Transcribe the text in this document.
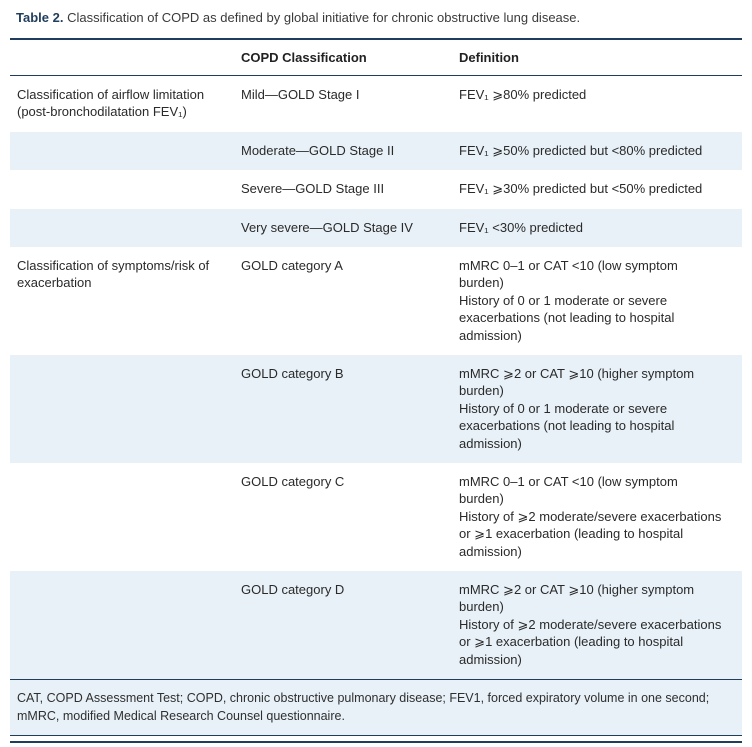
Table 2. Classification of COPD as defined by global initiative for chronic obstructive lung disease.
	COPD Classification	Definition
Classification of airflow limitation (post-bronchodilatation FEV₁)	Mild—GOLD Stage I	FEV₁ ⩾80% predicted

	Moderate—GOLD Stage II	FEV₁ ⩾50% predicted but <80% predicted

	Severe—GOLD Stage III	FEV₁ ⩾30% predicted but <50% predicted

	Very severe—GOLD Stage IV	FEV₁ <30% predicted

Classification of symptoms/risk of exacerbation	GOLD category A	mMRC 0–1 or CAT <10 (low symptom burden)
History of 0 or 1 moderate or severe exacerbations (not leading to hospital admission)

	GOLD category B	mMRC ⩾2 or CAT ⩾10 (higher symptom burden)
History of 0 or 1 moderate or severe exacerbations (not leading to hospital admission)

	GOLD category C	mMRC 0–1 or CAT <10 (low symptom burden)
History of ⩾2 moderate/severe exacerbations or ⩾1 exacerbation (leading to hospital admission)

	GOLD category D	mMRC ⩾2 or CAT ⩾10 (higher symptom burden)
History of ⩾2 moderate/severe exacerbations or ⩾1 exacerbation (leading to hospital admission)
CAT, COPD Assessment Test; COPD, chronic obstructive pulmonary disease; FEV1, forced expiratory volume in one second; mMRC, modified Medical Research Counsel questionnaire.
